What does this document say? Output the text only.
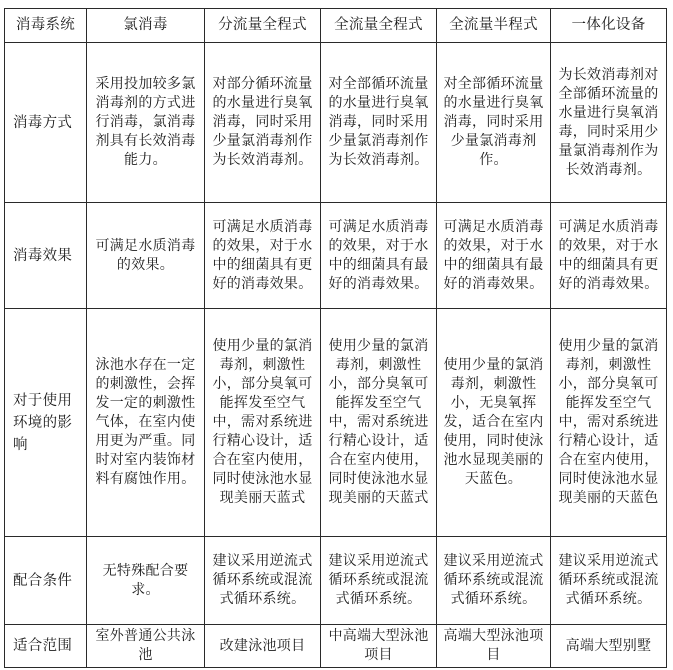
消毒系统	氯消毒	分流量全程式	全流量全程式	全流量半程式	一体化设备
消毒方式	采用投加较多氯消毒剂的方式进行消毒，氯消毒剂具有长效消毒能力。	对部分循环流量的水量进行臭氧消毒，同时采用少量氯消毒剂作为长效消毒剂。	对全部循环流量的水量进行臭氧消毒，同时采用少量氯消毒剂作为长效消毒剂。	对全部循环流量的水量进行臭氧消毒，同时采用少量氯消毒剂作。	为长效消毒剂对全部循环流量的水量进行臭氧消毒，同时采用少量氯消毒剂作为长效消毒剂。
消毒效果	可满足水质消毒的效果。	可满足水质消毒的效果，对于水中的细菌具有更好的消毒效果。	可满足水质消毒的效果，对于水中的细菌具有最好的消毒效果。	可满足水质消毒的效果，对于水中的细菌具有最好的消毒效果。	可满足水质消毒的效果，对于水中的细菌具有更好的消毒效果。
对于使用环境的影响	泳池水存在一定的刺激性，会挥发一定的刺激性气体，在室内使用更为严重。同时对室内装饰材料有腐蚀作用。	使用少量的氯消毒剂，刺激性小，部分臭氧可能挥发至空气中，需对系统进行精心设计，适合在室内使用，同时使泳池水显现美丽天蓝式	使用少量的氯消毒剂，刺激性小，部分臭氧可能挥发至空气中，需对系统进行精心设计，适合在室内使用，同时使泳池水显现美丽的天蓝式	使用少量的氯消毒剂，刺激性小，无臭氧挥发，适合在室内使用，同时使泳池水显现美丽的天蓝色。	使用少量的氯消毒剂，刺激性小，部分臭氧可能挥发至空气中，需对系统进行精心设计，适合在室内使用，同时使泳池水显现美丽的天蓝色
配合条件	无特殊配合要求。	建议采用逆流式循环系统或混流式循环系统。	建议采用逆流式循环系统或混流式循环系统。	建议采用逆流式循环系统或混流式循环系统。	建议采用逆流式循环系统或混流式循环系统。
适合范围	室外普通公共泳池	改建泳池项目	中高端大型泳池项目	高端大型泳池项目	高端大型别墅
